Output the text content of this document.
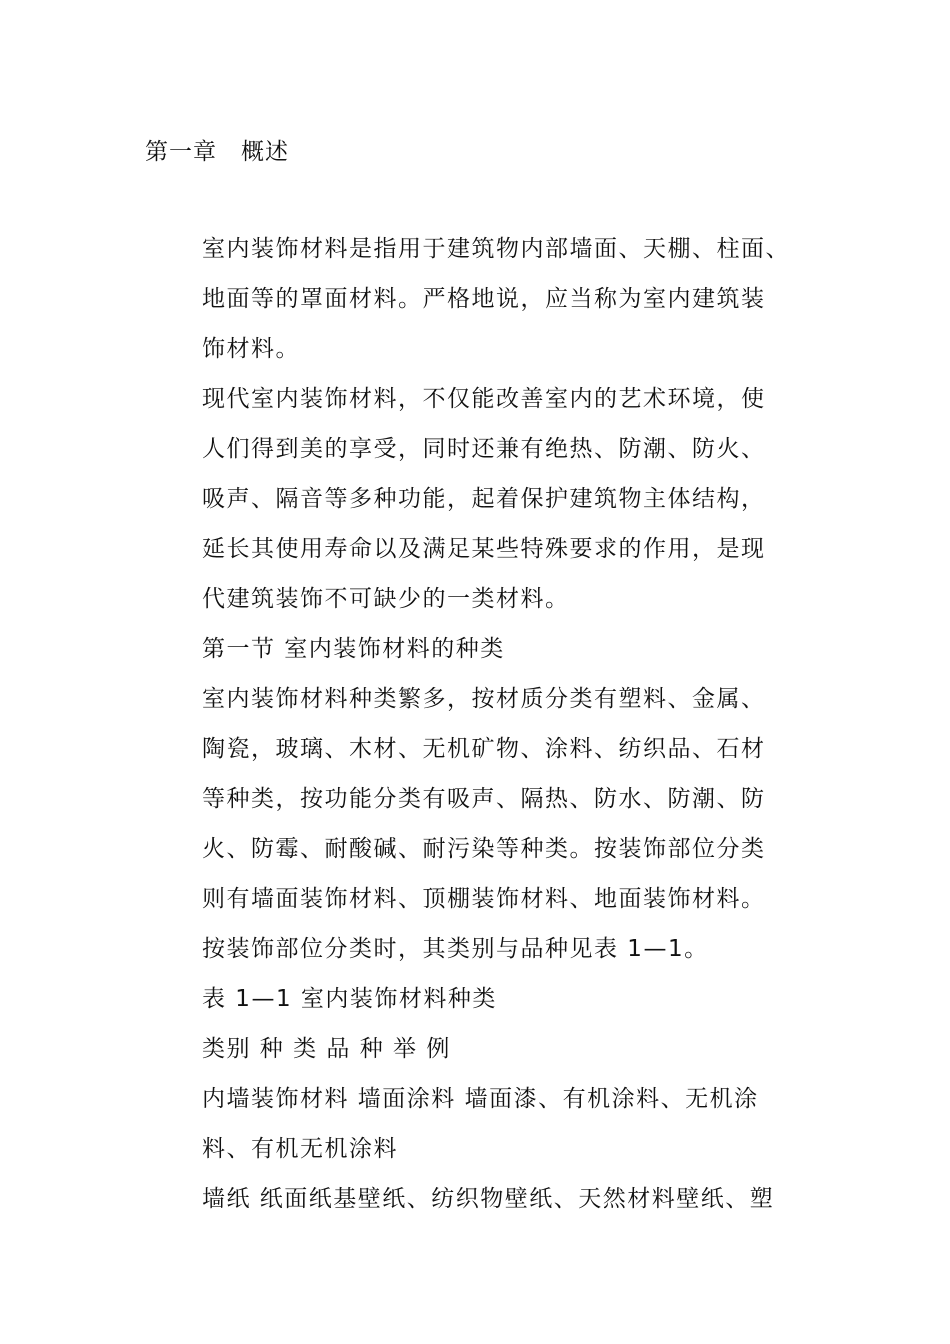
第一章　概述
室内装饰材料是指用于建筑物内部墙面、天棚、柱面、
地面等的罩面材料。严格地说，应当称为室内建筑装
饰材料。
现代室内装饰材料，不仅能改善室内的艺术环境，使
人们得到美的享受，同时还兼有绝热、防潮、防火、
吸声、隔音等多种功能，起着保护建筑物主体结构，
延长其使用寿命以及满足某些特殊要求的作用，是现
代建筑装饰不可缺少的一类材料。
第一节 室内装饰材料的种类
室内装饰材料种类繁多，按材质分类有塑料、金属、
陶瓷，玻璃、木材、无机矿物、涂料、纺织品、石材
等种类，按功能分类有吸声、隔热、防水、防潮、防
火、防霉、耐酸碱、耐污染等种类。按装饰部位分类
则有墙面装饰材料、顶棚装饰材料、地面装饰材料。
按装饰部位分类时，其类别与品种见表 1—1。
表 1—1 室内装饰材料种类
类别 种 类 品 种 举 例
内墙装饰材料 墙面涂料 墙面漆、有机涂料、无机涂
料、有机无机涂料
墙纸 纸面纸基壁纸、纺织物壁纸、天然材料壁纸、塑
